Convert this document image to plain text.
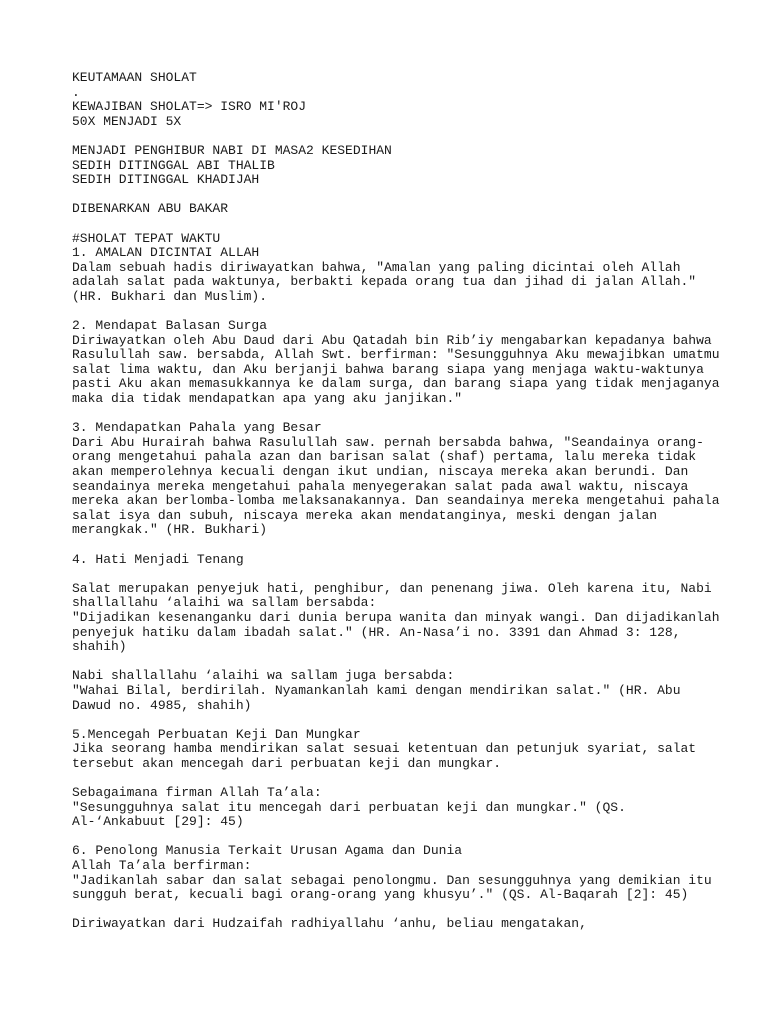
KEUTAMAAN SHOLAT
.
KEWAJIBAN SHOLAT=> ISRO MI'ROJ
50X MENJADI 5X
MENJADI PENGHIBUR NABI DI MASA2 KESEDIHAN
SEDIH DITINGGAL ABI THALIB
SEDIH DITINGGAL KHADIJAH
DIBENARKAN ABU BAKAR
#SHOLAT TEPAT WAKTU
1. AMALAN DICINTAI ALLAH
Dalam sebuah hadis diriwayatkan bahwa, "Amalan yang paling dicintai oleh Allah
adalah salat pada waktunya, berbakti kepada orang tua dan jihad di jalan Allah."
(HR. Bukhari dan Muslim).
2. Mendapat Balasan Surga
Diriwayatkan oleh Abu Daud dari Abu Qatadah bin Rib’iy mengabarkan kepadanya bahwa
Rasulullah saw. bersabda, Allah Swt. berfirman: "Sesungguhnya Aku mewajibkan umatmu
salat lima waktu, dan Aku berjanji bahwa barang siapa yang menjaga waktu-waktunya
pasti Aku akan memasukkannya ke dalam surga, dan barang siapa yang tidak menjaganya
maka dia tidak mendapatkan apa yang aku janjikan."
3. Mendapatkan Pahala yang Besar
Dari Abu Hurairah bahwa Rasulullah saw. pernah bersabda bahwa, "Seandainya orang-
orang mengetahui pahala azan dan barisan salat (shaf) pertama, lalu mereka tidak
akan memperolehnya kecuali dengan ikut undian, niscaya mereka akan berundi. Dan
seandainya mereka mengetahui pahala menyegerakan salat pada awal waktu, niscaya
mereka akan berlomba-lomba melaksanakannya. Dan seandainya mereka mengetahui pahala
salat isya dan subuh, niscaya mereka akan mendatanginya, meski dengan jalan
merangkak." (HR. Bukhari)
4. Hati Menjadi Tenang
Salat merupakan penyejuk hati, penghibur, dan penenang jiwa. Oleh karena itu, Nabi
shallallahu ‘alaihi wa sallam bersabda:
"Dijadikan kesenanganku dari dunia berupa wanita dan minyak wangi. Dan dijadikanlah
penyejuk hatiku dalam ibadah salat." (HR. An-Nasa’i no. 3391 dan Ahmad 3: 128,
shahih)
Nabi shallallahu ‘alaihi wa sallam juga bersabda:
"Wahai Bilal, berdirilah. Nyamankanlah kami dengan mendirikan salat." (HR. Abu
Dawud no. 4985, shahih)
5.Mencegah Perbuatan Keji Dan Mungkar
Jika seorang hamba mendirikan salat sesuai ketentuan dan petunjuk syariat, salat
tersebut akan mencegah dari perbuatan keji dan mungkar.
Sebagaimana firman Allah Ta’ala:
"Sesungguhnya salat itu mencegah dari perbuatan keji dan mungkar." (QS.
Al-‘Ankabuut [29]: 45)
6. Penolong Manusia Terkait Urusan Agama dan Dunia
Allah Ta’ala berfirman:
"Jadikanlah sabar dan salat sebagai penolongmu. Dan sesungguhnya yang demikian itu
sungguh berat, kecuali bagi orang-orang yang khusyu’." (QS. Al-Baqarah [2]: 45)
Diriwayatkan dari Hudzaifah radhiyallahu ‘anhu, beliau mengatakan,
